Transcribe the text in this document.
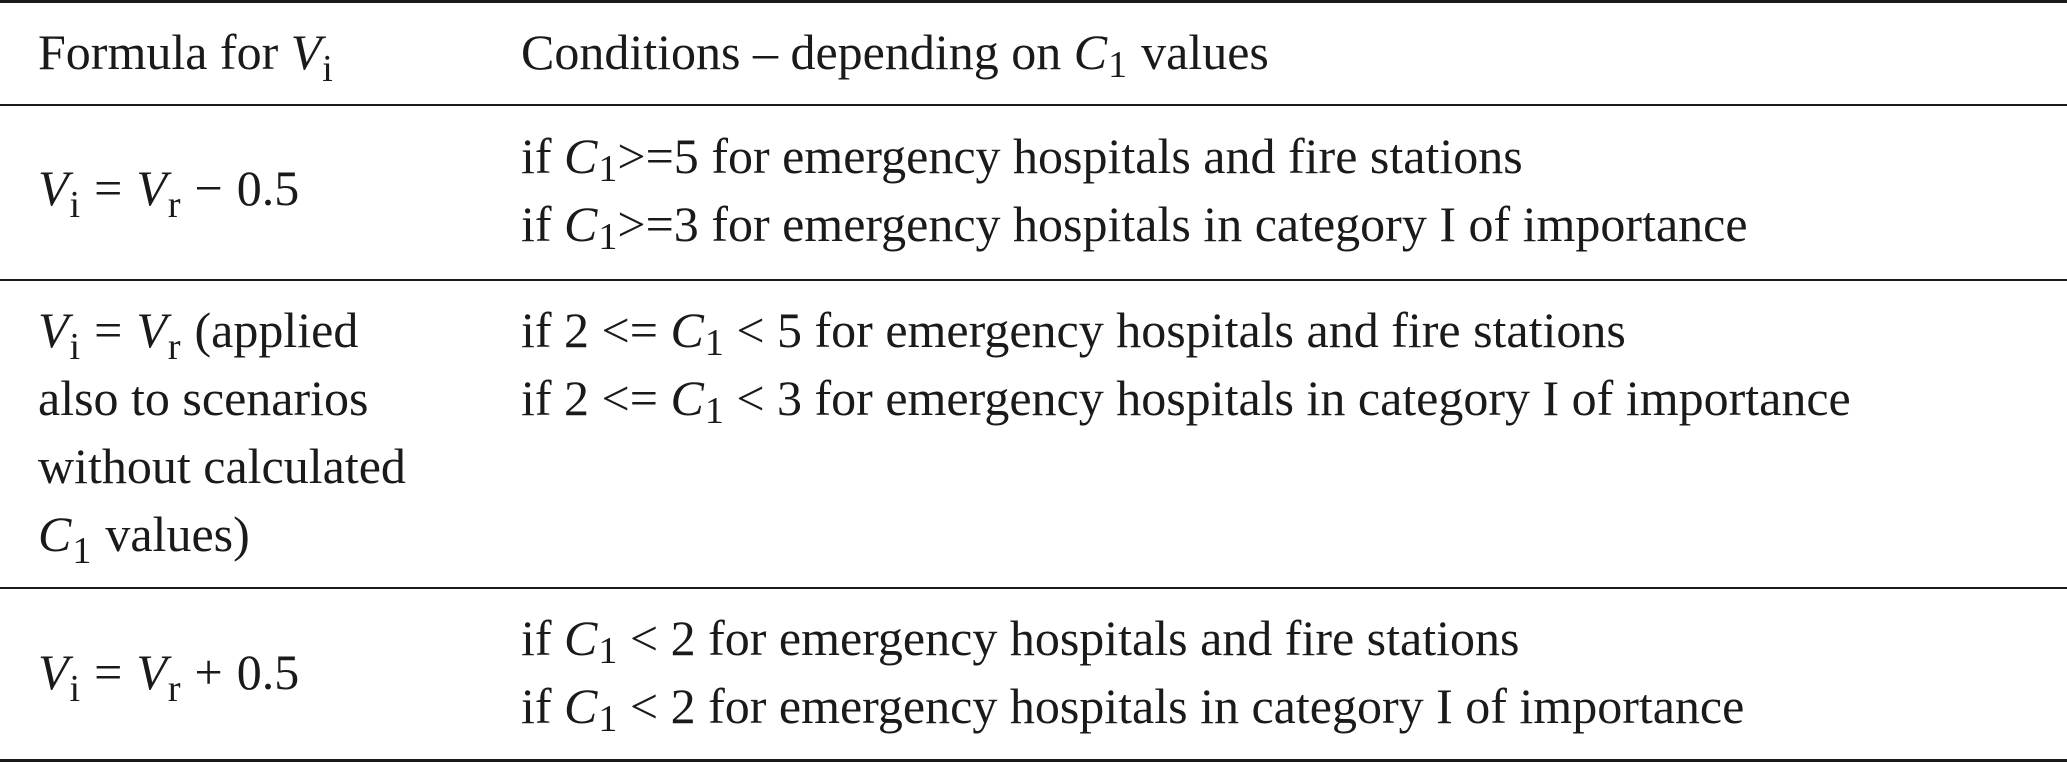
Formula for $V_i$	Conditions – depending on C1 values
$V_i = V_r - 0.5$
if C1>=5 for emergency hospitals and fire stations
if C1>=3 for emergency hospitals in category I of importance
$V_i = V_r$ (applied
also to scenarios
without calculated
$C_1$ values)
if 2 <= C1 < 5 for emergency hospitals and fire stations
if 2 <= C1 < 3 for emergency hospitals in category I of importance
$V_i = V_r + 0.5$
if C1 < 2 for emergency hospitals and fire stations
if C1 < 2 for emergency hospitals in category I of importance
